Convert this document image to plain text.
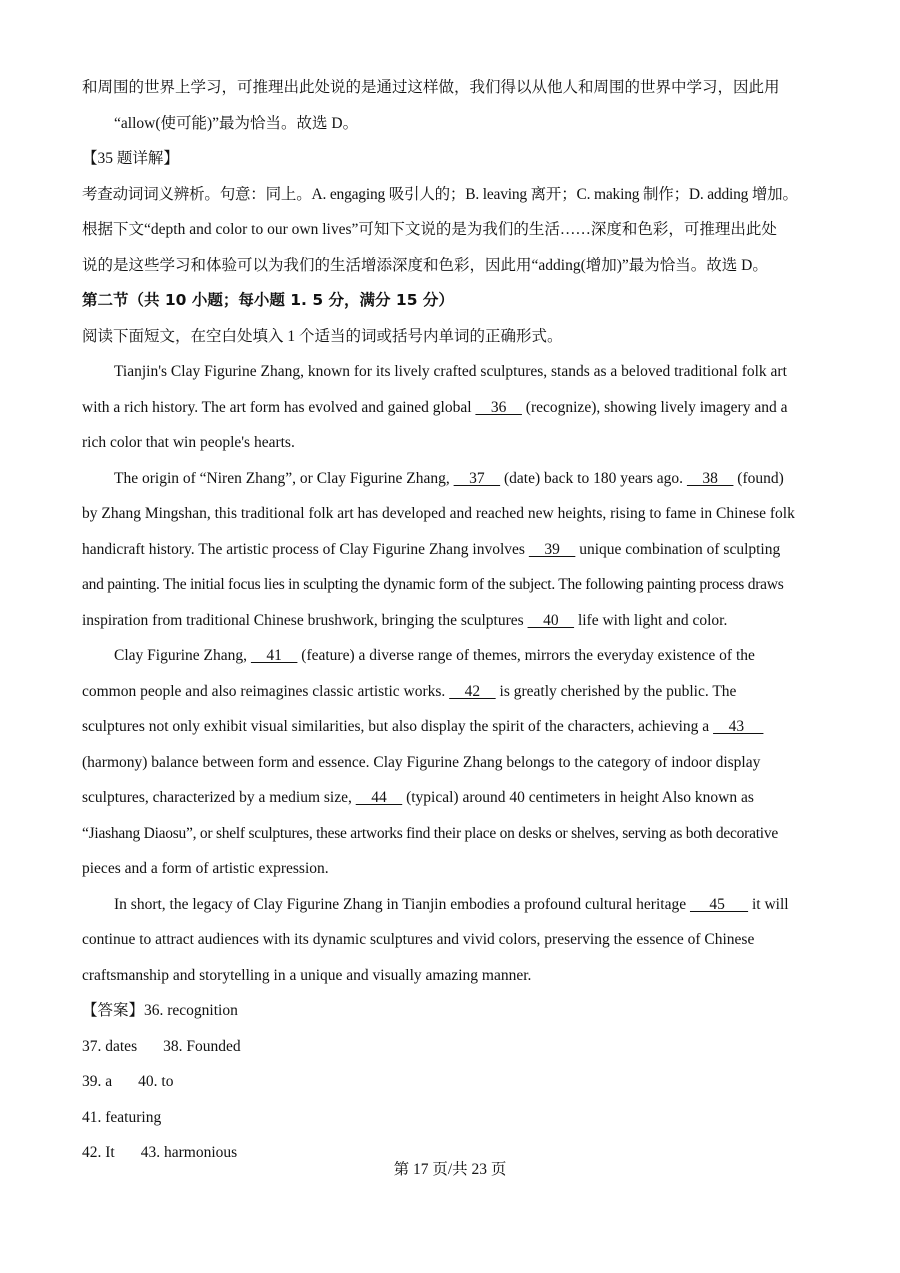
和周围的世界上学习，可推理出此处说的是通过这样做，我们得以从他人和周围的世界中学习，因此用
“allow(使可能)”最为恰当。故选 D。
【35 题详解】
考查动词词义辨析。句意：同上。A. engaging 吸引人的；B. leaving 离开；C. making 制作；D. adding 增加。
根据下文“depth and color to our own lives”可知下文说的是为我们的生活……深度和色彩，可推理出此处
说的是这些学习和体验可以为我们的生活增添深度和色彩，因此用“adding(增加)”最为恰当。故选 D。
第二节（共 10 小题；每小题 1. 5 分，满分 15 分）
阅读下面短文，在空白处填入 1 个适当的词或括号内单词的正确形式。
Tianjin's Clay Figurine Zhang, known for its lively crafted sculptures, stands as a beloved traditional folk art
with a rich history. The art form has evolved and gained global     36     (recognize), showing lively imagery and a
rich color that win people's hearts.
The origin of “Niren Zhang”, or Clay Figurine Zhang,     37     (date) back to 180 years ago.     38     (found)
by Zhang Mingshan, this traditional folk art has developed and reached new heights, rising to fame in Chinese folk
handicraft history. The artistic process of Clay Figurine Zhang involves     39     unique combination of sculpting
and painting. The initial focus lies in sculpting the dynamic form of the subject. The following painting process draws
inspiration from traditional Chinese brushwork, bringing the sculptures     40     life with light and color.
Clay Figurine Zhang,     41     (feature) a diverse range of themes, mirrors the everyday existence of the
common people and also reimagines classic artistic works.     42     is greatly cherished by the public. The
sculptures not only exhibit visual similarities, but also display the spirit of the characters, achieving a     43
(harmony) balance between form and essence. Clay Figurine Zhang belongs to the category of indoor display
sculptures, characterized by a medium size,     44     (typical) around 40 centimeters in height Also known as
“Jiashang Diaosu”, or shelf sculptures, these artworks find their place on desks or shelves, serving as both decorative
pieces and a form of artistic expression.
In short, the legacy of Clay Figurine Zhang in Tianjin embodies a profound cultural heritage      45       it will
continue to attract audiences with its dynamic sculptures and vivid colors, preserving the essence of Chinese
craftsmanship and storytelling in a unique and visually amazing manner.
【答案】36. recognition
37. dates 38. Founded
39. a 40. to
41. featuring
42. It 43. harmonious
第 17 页/共 23 页
